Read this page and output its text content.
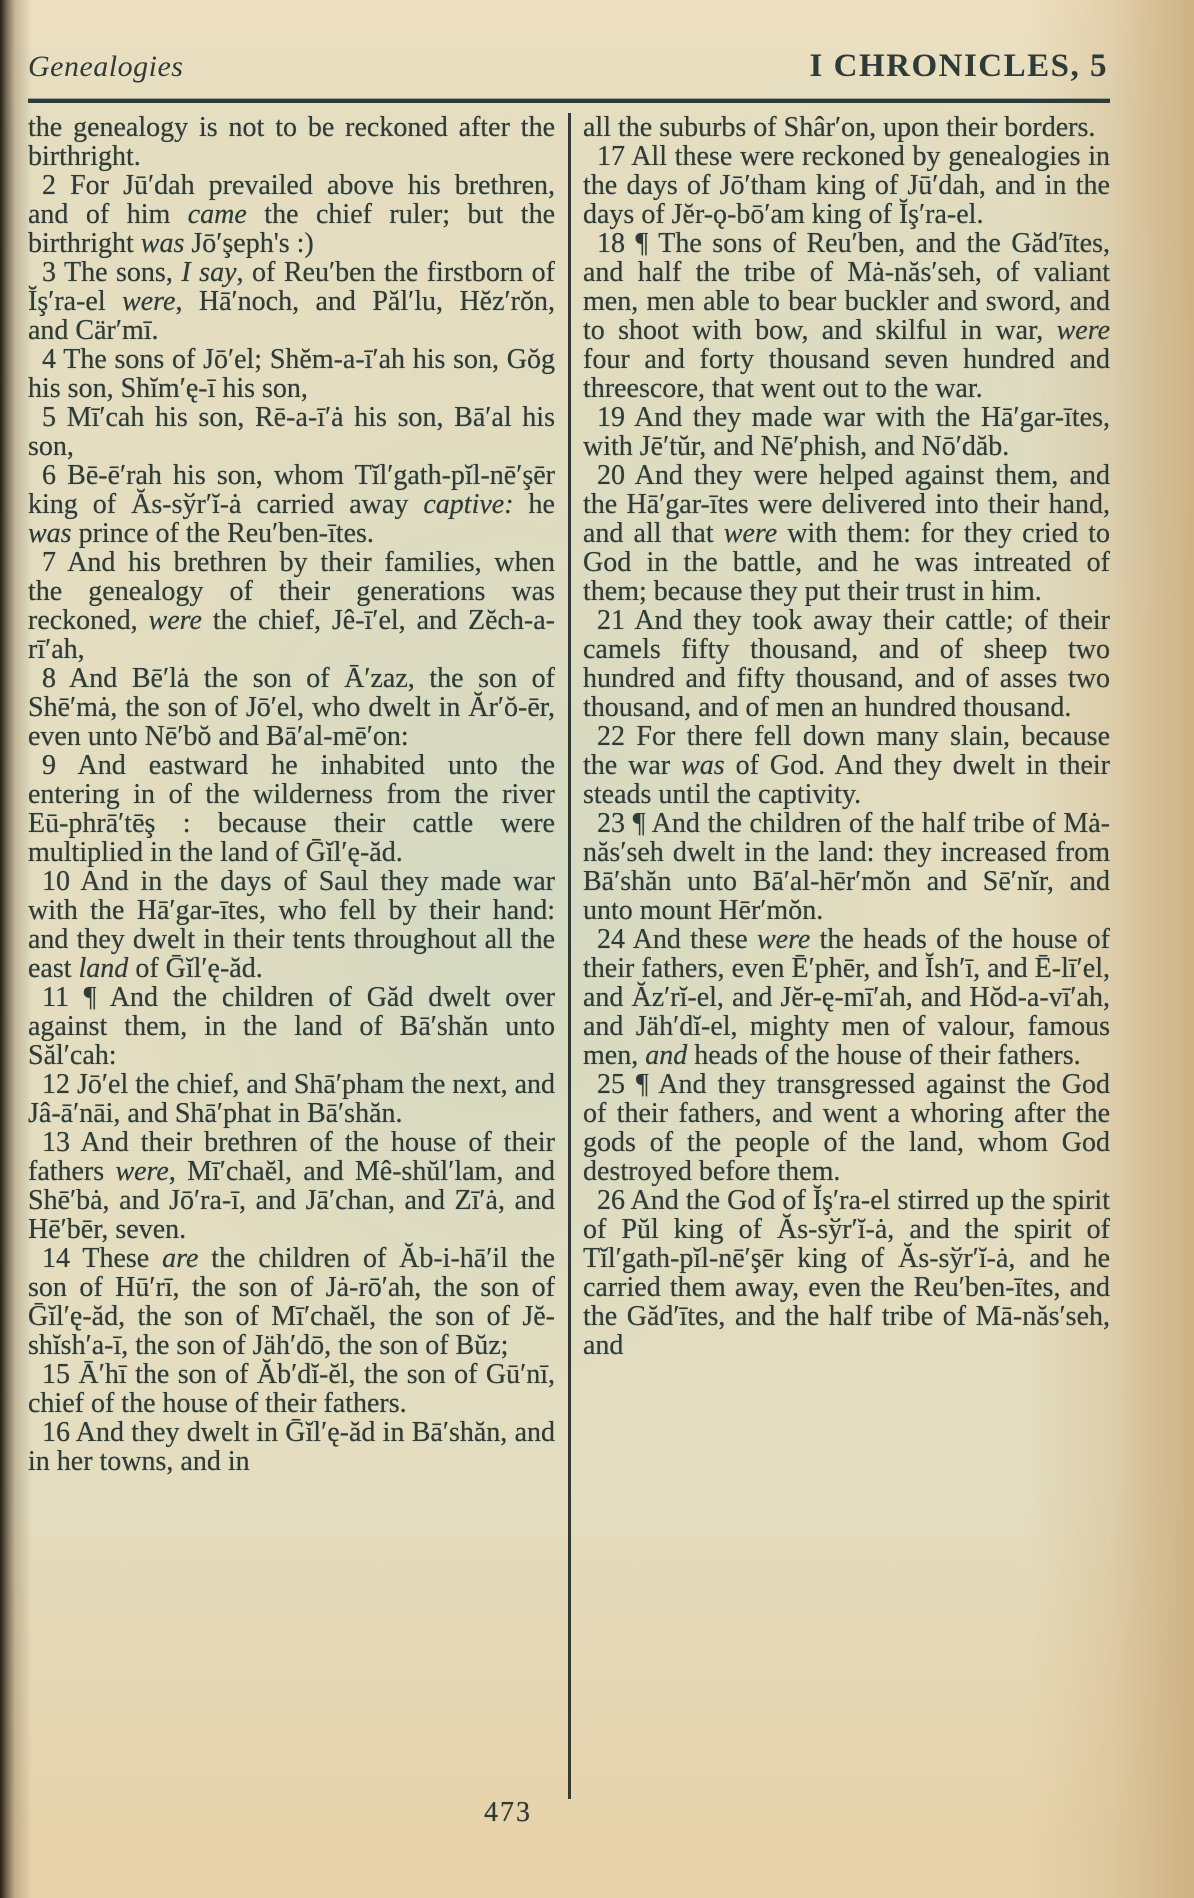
Genealogies	I CHRONICLES, 5

the genealogy is not to be reckoned after the birthright.

2 For Jū′dah prevailed above his brethren, and of him came the chief ruler; but the birthright was Jō′şeph's :)

3 The sons, I say, of Reu′ben the firstborn of Ĭş′ra-el were, Hā′noch, and Păl′lu, Hĕz′rŏn, and Cär′mī.

4 The sons of Jō′el; Shĕm-a-ī′ah his son, Gŏg his son, Shĭm′ę-ī his son,

5 Mī′cah his son, Rē-a-ī′ȧ his son, Bā′al his son,

6 Bē-ē′rah his son, whom Tĭl′gath-pĭl-nē′şēr king of Ăs-sўr′ĭ-ȧ carried away captive: he was prince of the Reu′ben-ītes.

7 And his brethren by their families, when the genealogy of their generations was reckoned, were the chief, Jê-ī′el, and Zĕch-a-rī′ah,

8 And Bē′lȧ the son of Ā′zaz, the son of Shē′mȧ, the son of Jō′el, who dwelt in Ăr′ŏ-ēr, even unto Nē′bŏ and Bā′al-mē′on:

9 And eastward he inhabited unto the entering in of the wilderness from the river Eū-phrā′tēş : because their cattle were multiplied in the land of Ḡĭl′ę-ăd.

10 And in the days of Saul they made war with the Hā′gar-ītes, who fell by their hand: and they dwelt in their tents throughout all the east land of Ḡĭl′ę-ăd.

11 ¶ And the children of Găd dwelt over against them, in the land of Bā′shăn unto Săl′cah:

12 Jō′el the chief, and Shā′pham the next, and Jâ-ā′nāi, and Shā′phat in Bā′shăn.

13 And their brethren of the house of their fathers were, Mī′chaĕl, and Mê-shŭl′lam, and Shē′bȧ, and Jō′ra-ī, and Jā′chan, and Zī′ȧ, and Hē′bēr, seven.

14 These are the children of Ăb-i-hā′il the son of Hū′rī, the son of Jȧ-rō′ah, the son of Ḡĭl′ę-ăd, the son of Mī′chaĕl, the son of Jĕ-shĭsh′a-ī, the son of Jäh′dō, the son of Bŭz;

15 Ā′hī the son of Ăb′dĭ-ĕl, the son of Gū′nī, chief of the house of their fathers.

16 And they dwelt in Ḡĭl′ę-ăd in Bā′shăn, and in her towns, and in

all the suburbs of Shâr′on, upon their borders.

17 All these were reckoned by genealogies in the days of Jō′tham king of Jū′dah, and in the days of Jĕr-ǫ-bō′am king of Ĭş′ra-el.

18 ¶ The sons of Reu′ben, and the Găd′ītes, and half the tribe of Mȧ-năs′seh, of valiant men, men able to bear buckler and sword, and to shoot with bow, and skilful in war, were four and forty thousand seven hundred and threescore, that went out to the war.

19 And they made war with the Hā′gar-ītes, with Jē′tŭr, and Nē′phish, and Nō′dăb.

20 And they were helped against them, and the Hā′gar-ītes were delivered into their hand, and all that were with them: for they cried to God in the battle, and he was intreated of them; because they put their trust in him.

21 And they took away their cattle; of their camels fifty thousand, and of sheep two hundred and fifty thousand, and of asses two thousand, and of men an hundred thousand.

22 For there fell down many slain, because the war was of God. And they dwelt in their steads until the captivity.

23 ¶ And the children of the half tribe of Mȧ-năs′seh dwelt in the land: they increased from Bā′shăn unto Bā′al-hēr′mŏn and Sē′nĭr, and unto mount Hēr′mŏn.

24 And these were the heads of the house of their fathers, even Ē′phēr, and Ĭsh′ī, and Ē-lī′el, and Ăz′rĭ-el, and Jĕr-ę-mī′ah, and Hŏd-a-vī′ah, and Jäh′dĭ-el, mighty men of valour, famous men, and heads of the house of their fathers.

25 ¶ And they transgressed against the God of their fathers, and went a whoring after the gods of the people of the land, whom God destroyed before them.

26 And the God of Ĭş′ra-el stirred up the spirit of Pŭl king of Ăs-sўr′ĭ-ȧ, and the spirit of Tĭl′gath-pĭl-nē′şēr king of Ăs-sўr′ĭ-ȧ, and he carried them away, even the Reu′ben-ītes, and the Găd′ītes, and the half tribe of Mā-năs′seh, and

473
